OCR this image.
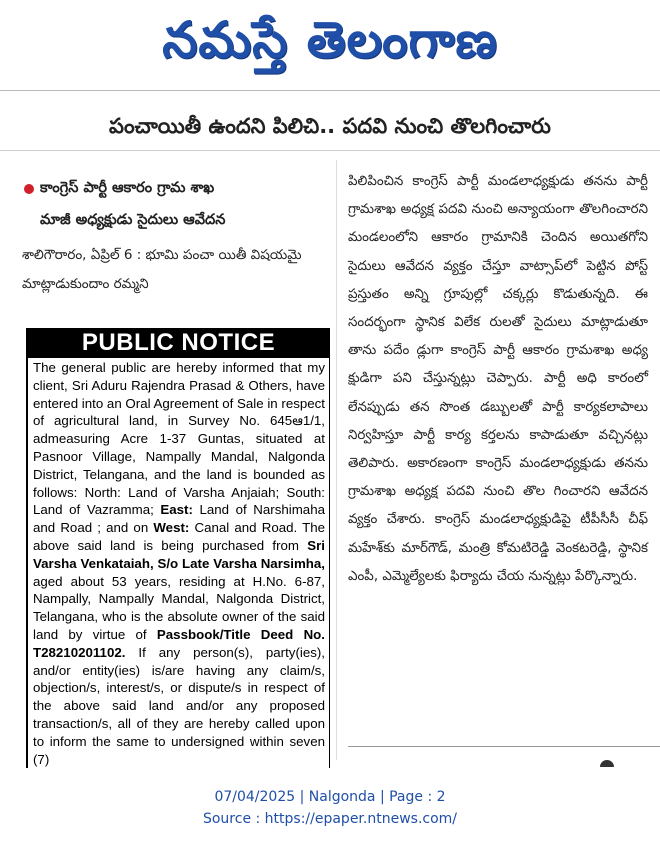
నమస్తే తెలంగాణ
పంచాయితీ ఉందని పిలిచి.. పదవి నుంచి తొలగించారు
కాంగ్రెస్ పార్టీ ఆకారం గ్రామ శాఖ
మాజీ అధ్యక్షుడు సైదులు ఆవేదన
శాలిగౌరారం, ఏప్రిల్ 6 : భూమి పంచా యితీ విషయమై మాట్లాడుకుందాం రమ్మని
PUBLIC NOTICE
The general public are hereby informed that my client, Sri Aduru Rajendra Prasad & Others, have entered into an Oral Agreement of Sale in respect of agricultural land, in Survey No. 645ఆ1/1, admeasuring Acre 1-37 Guntas, situated at Pasnoor Village, Nampally Mandal, Nalgonda District, Telangana, and the land is bounded as follows: North: Land of Varsha Anjaiah; South: Land of Vazramma; East: Land of Narshimaha and Road ; and on West: Canal and Road. The above said land is being purchased from Sri Varsha Venkataiah, S/o Late Varsha Narsimha, aged about 53 years, residing at H.No. 6-87, Nampally, Nampally Mandal, Nalgonda District, Telangana, who is the absolute owner of the said land by virtue of Passbook/Title Deed No. T28210201102. If any person(s), party(ies), and/or entity(ies) is/are having any claim/s, objection/s, interest/s, or dispute/s in respect of the above said land and/or any proposed transaction/s, all of they are hereby called upon to inform the same to undersigned within seven (7)
పిలిపించిన కాంగ్రెస్ పార్టీ మండలాధ్యక్షుడు తనను పార్టీ గ్రామశాఖ అధ్యక్ష పదవి నుంచి అన్యాయంగా తొలగించారని మండలంలోని ఆకారం గ్రామానికి చెందిన అయితగోని సైదులు ఆవేదన వ్యక్తం చేస్తూ వాట్సాప్‌లో పెట్టిన పోస్ట్ ప్రస్తుతం అన్ని గ్రూపుల్లో చక్కర్లు కొడుతున్నది. ఈ సందర్భంగా స్థానిక విలేక రులతో సైదులు మాట్లాడుతూ తాను పదేం డ్లుగా కాంగ్రెస్ పార్టీ ఆకారం గ్రామశాఖ అధ్య క్షుడిగా పని చేస్తున్నట్లు చెప్పారు. పార్టీ అధి కారంలో లేనప్పుడు తన సొంత డబ్బులతో పార్టీ కార్యకలాపాలు నిర్వహిస్తూ పార్టీ కార్య కర్తలను కాపాడుతూ వచ్చినట్లు తెలిపారు. అకారణంగా కాంగ్రెస్ మండలాధ్యక్షుడు తనను గ్రామశాఖ అధ్యక్ష పదవి నుంచి తొల గించారని ఆవేదన వ్యక్తం చేశారు. కాంగ్రెస్ మండలాధ్యక్షుడిపై టీపీసీసీ చీఫ్ మహేశ్‌కు మార్‌గౌడ్, మంత్రి కోమటిరెడ్డి వెంకటరెడ్డి, స్థానిక ఎంపీ, ఎమ్మెల్యేలకు ఫిర్యాదు చేయ నున్నట్లు పేర్కొన్నారు.
07/04/2025 | Nalgonda | Page : 2
Source : https://epaper.ntnews.com/
